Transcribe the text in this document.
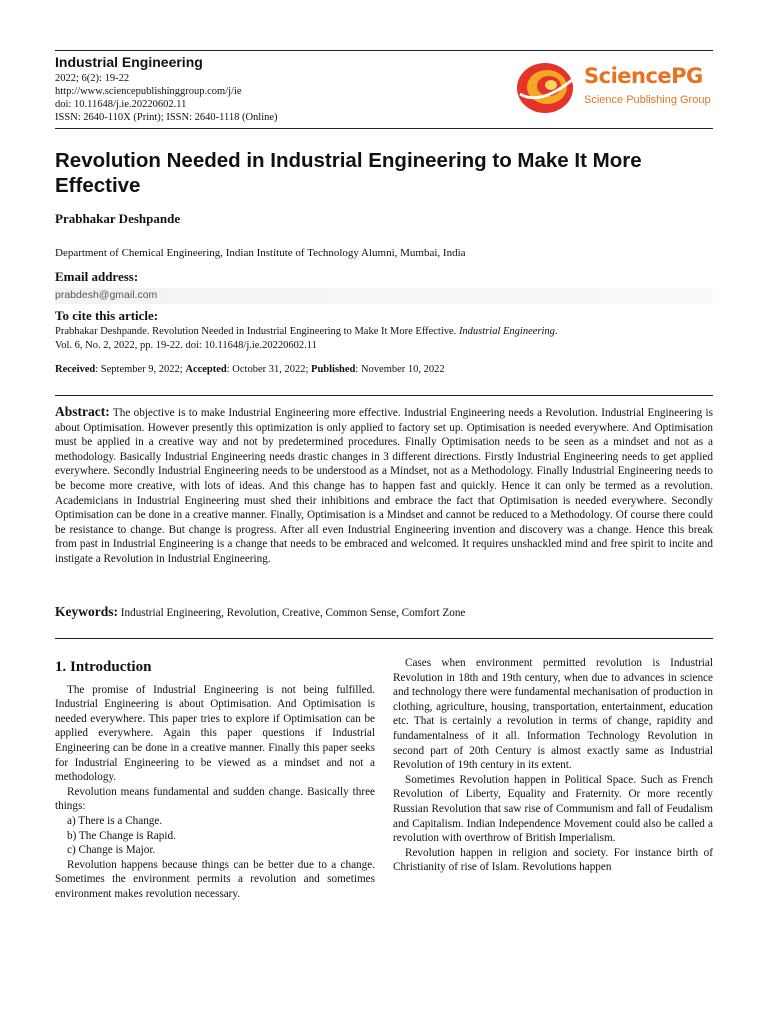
Industrial Engineering
2022; 6(2): 19-22
http://www.sciencepublishinggroup.com/j/ie
doi: 10.11648/j.ie.20220602.11
ISSN: 2640-110X (Print); ISSN: 2640-1118 (Online)
SciencePG
Science Publishing Group
Revolution Needed in Industrial Engineering to Make It More Effective
Prabhakar Deshpande
Department of Chemical Engineering, Indian Institute of Technology Alumni, Mumbai, India
Email address:
prabdesh@gmail.com
To cite this article:
Prabhakar Deshpande. Revolution Needed in Industrial Engineering to Make It More Effective. Industrial Engineering.
Vol. 6, No. 2, 2022, pp. 19-22. doi: 10.11648/j.ie.20220602.11
Received: September 9, 2022; Accepted: October 31, 2022; Published: November 10, 2022
Abstract: The objective is to make Industrial Engineering more effective. Industrial Engineering needs a Revolution. Industrial Engineering is about Optimisation. However presently this optimization is only applied to factory set up. Optimisation is needed everywhere. And Optimisation must be applied in a creative way and not by predetermined procedures. Finally Optimisation needs to be seen as a mindset and not as a methodology. Basically Industrial Engineering needs drastic changes in 3 different directions. Firstly Industrial Engineering needs to get applied everywhere. Secondly Industrial Engineering needs to be understood as a Mindset, not as a Methodology. Finally Industrial Engineering needs to be become more creative, with lots of ideas. And this change has to happen fast and quickly. Hence it can only be termed as a revolution. Academicians in Industrial Engineering must shed their inhibitions and embrace the fact that Optimisation is needed everywhere. Secondly Optimisation can be done in a creative manner. Finally, Optimisation is a Mindset and cannot be reduced to a Methodology. Of course there could be resistance to change. But change is progress. After all even Industrial Engineering invention and discovery was a change. Hence this break from past in Industrial Engineering is a change that needs to be embraced and welcomed. It requires unshackled mind and free spirit to incite and instigate a Revolution in Industrial Engineering.
Keywords: Industrial Engineering, Revolution, Creative, Common Sense, Comfort Zone
1. Introduction

The promise of Industrial Engineering is not being fulfilled. Industrial Engineering is about Optimisation. And Optimisation is needed everywhere. This paper tries to explore if Optimisation can be applied everywhere. Again this paper questions if Industrial Engineering can be done in a creative manner. Finally this paper seeks for Industrial Engineering to be viewed as a mindset and not a methodology.

Revolution means fundamental and sudden change. Basically three things:

a) There is a Change.
b) The Change is Rapid.
c) Change is Major.

Revolution happens because things can be better due to a change. Sometimes the environment permits a revolution and sometimes environment makes revolution necessary.

Cases when environment permitted revolution is Industrial Revolution in 18th and 19th century, when due to advances in science and technology there were fundamental mechanisation of production in clothing, agriculture, housing, transportation, entertainment, education etc. That is certainly a revolution in terms of change, rapidity and fundamentalness of it all. Information Technology Revolution in second part of 20th Century is almost exactly same as Industrial Revolution of 19th century in its extent.

Sometimes Revolution happen in Political Space. Such as French Revolution of Liberty, Equality and Fraternity. Or more recently Russian Revolution that saw rise of Communism and fall of Feudalism and Capitalism. Indian Independence Movement could also be called a revolution with overthrow of British Imperialism.

Revolution happen in religion and society. For instance birth of Christianity of rise of Islam. Revolutions happen
